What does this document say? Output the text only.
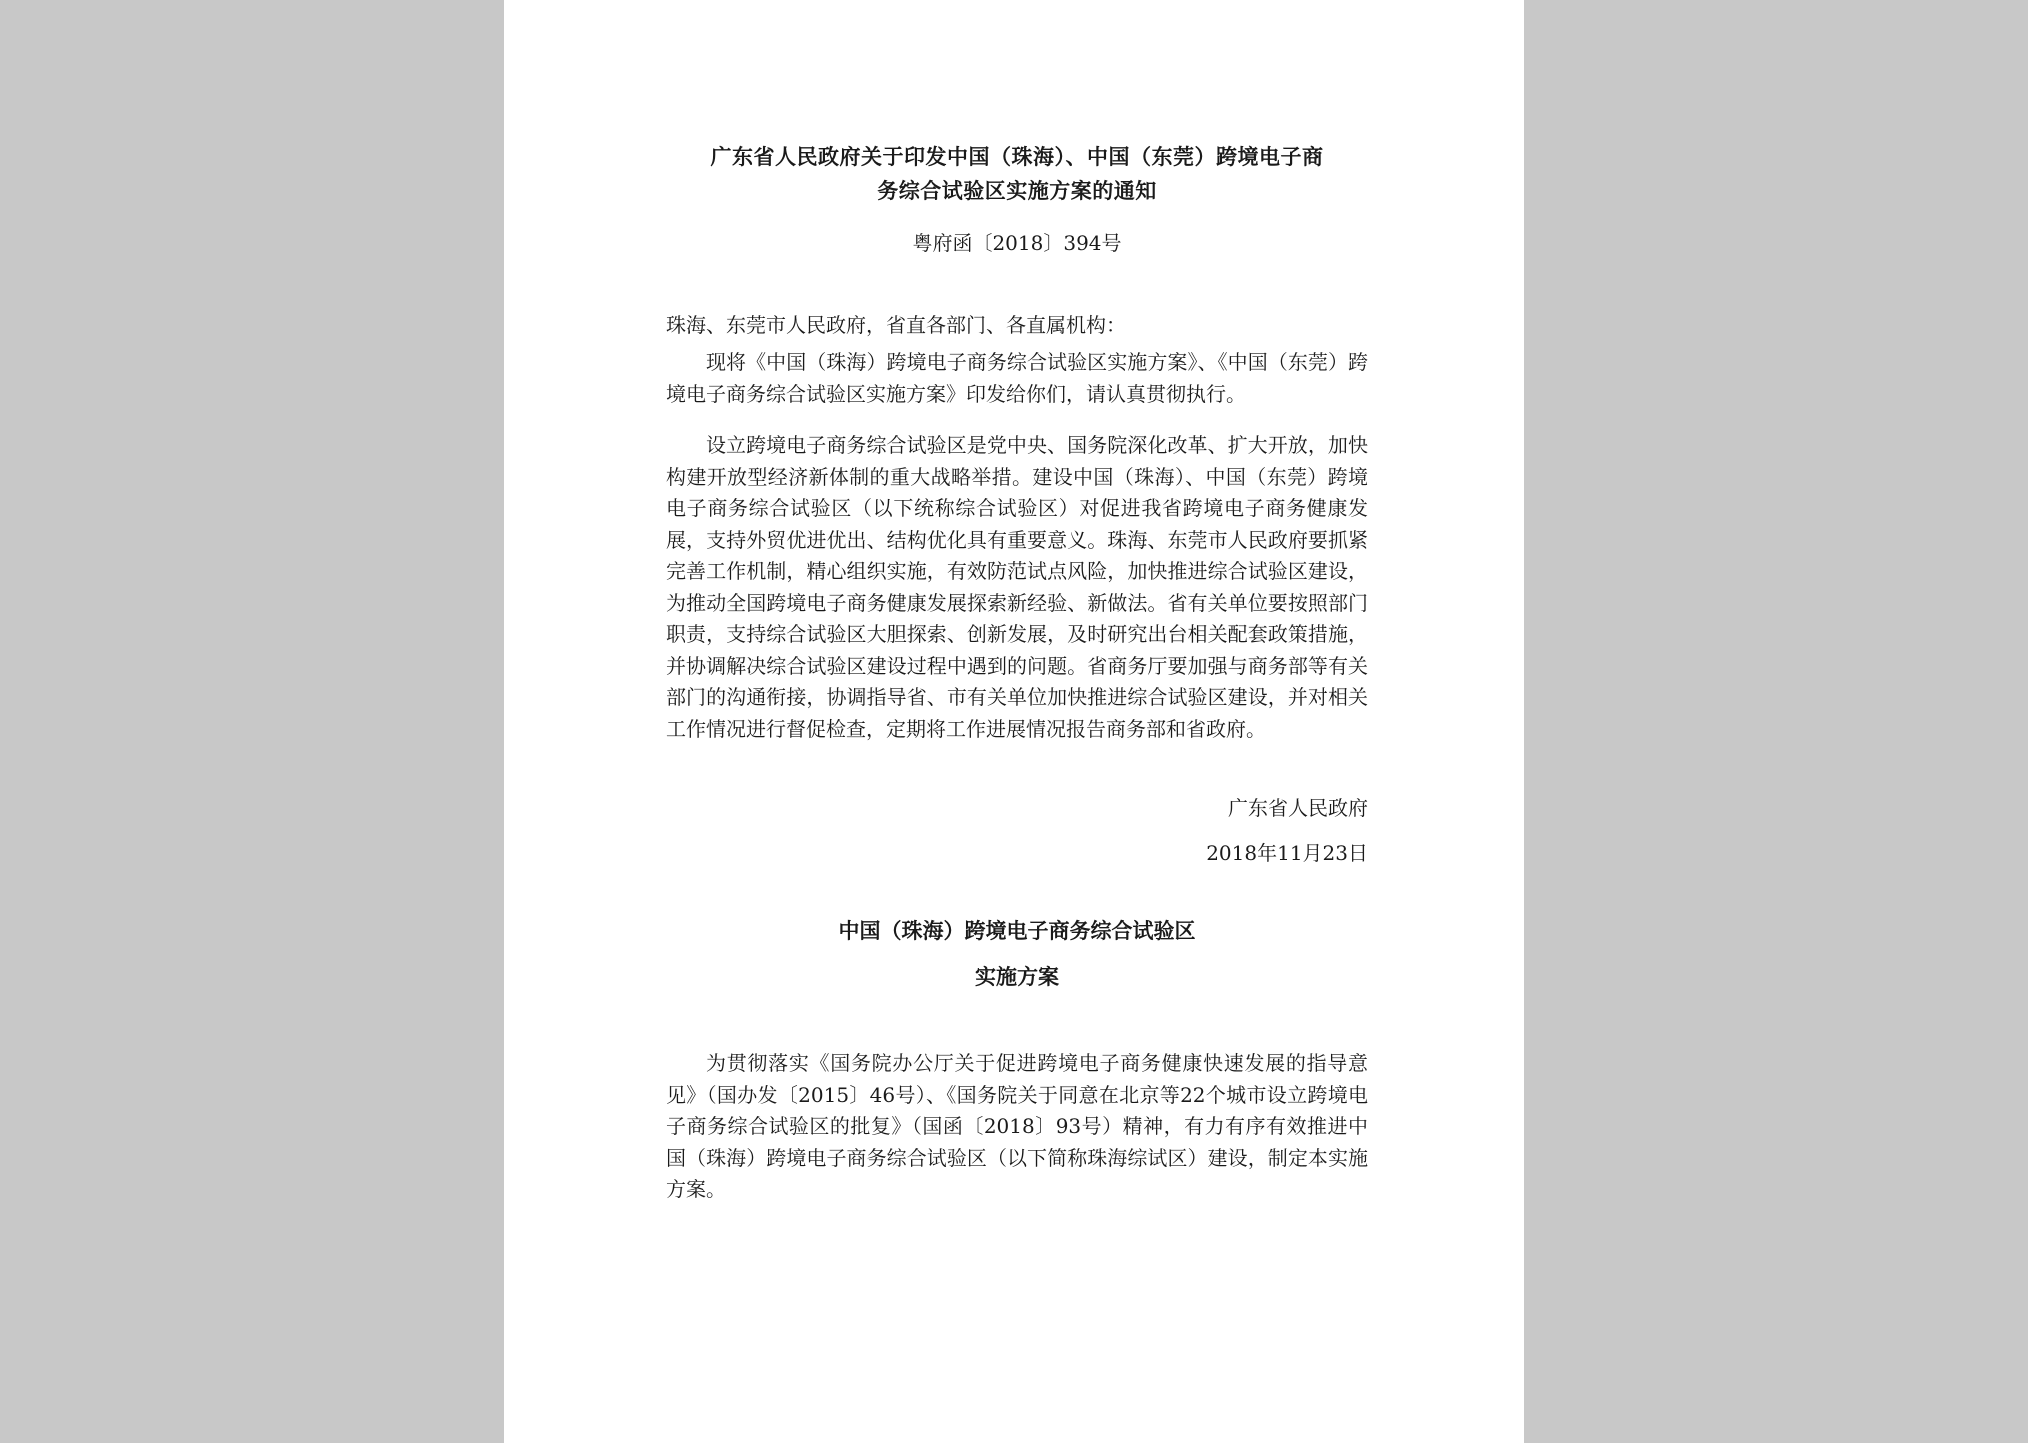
广东省人民政府关于印发中国（珠海）、中国（东莞）跨境电子商
务综合试验区实施方案的通知
粤府函〔2018〕394号
珠海、东莞市人民政府，省直各部门、各直属机构：

现将《中国（珠海）跨境电子商务综合试验区实施方案》、《中国（东莞）跨境电子商务综合试验区实施方案》印发给你们，请认真贯彻执行。

设立跨境电子商务综合试验区是党中央、国务院深化改革、扩大开放，加快构建开放型经济新体制的重大战略举措。建设中国（珠海）、中国（东莞）跨境电子商务综合试验区（以下统称综合试验区）对促进我省跨境电子商务健康发展，支持外贸优进优出、结构优化具有重要意义。珠海、东莞市人民政府要抓紧完善工作机制，精心组织实施，有效防范试点风险，加快推进综合试验区建设，为推动全国跨境电子商务健康发展探索新经验、新做法。省有关单位要按照部门职责，支持综合试验区大胆探索、创新发展，及时研究出台相关配套政策措施，并协调解决综合试验区建设过程中遇到的问题。省商务厅要加强与商务部等有关部门的沟通衔接，协调指导省、市有关单位加快推进综合试验区建设，并对相关工作情况进行督促检查，定期将工作进展情况报告商务部和省政府。

广东省人民政府
2018年11月23日
中国（珠海）跨境电子商务综合试验区
实施方案

为贯彻落实《国务院办公厅关于促进跨境电子商务健康快速发展的指导意见》（国办发〔2015〕46号）、《国务院关于同意在北京等22个城市设立跨境电子商务综合试验区的批复》（国函〔2018〕93号）精神，有力有序有效推进中国（珠海）跨境电子商务综合试验区（以下简称珠海综试区）建设，制定本实施方案。
